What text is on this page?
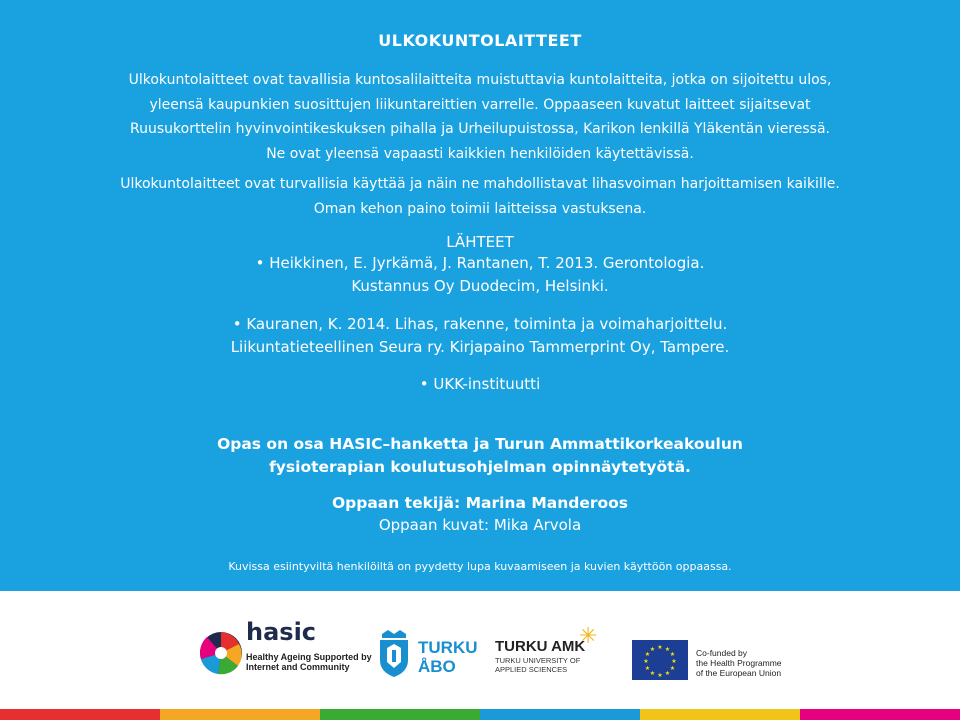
ULKOKUNTOLAITTEET
Ulkokuntolaitteet ovat tavallisia kuntosalilaitteita muistuttavia kuntolaitteita, jotka on sijoitettu ulos,
yleensä kaupunkien suosittujen liikuntareittien varrelle. Oppaaseen kuvatut laitteet sijaitsevat
Ruusukorttelin hyvinvointikeskuksen pihalla ja Urheilupuistossa, Karikon lenkillä Yläkentän vieressä.
Ne ovat yleensä vapaasti kaikkien henkilöiden käytettävissä.
Ulkokuntolaitteet ovat turvallisia käyttää ja näin ne mahdollistavat lihasvoiman harjoittamisen kaikille.
Oman kehon paino toimii laitteissa vastuksena.
LÄHTEET
• Heikkinen, E. Jyrkämä, J. Rantanen, T. 2013. Gerontologia.
Kustannus Oy Duodecim, Helsinki.
• Kauranen, K. 2014. Lihas, rakenne, toiminta ja voimaharjoittelu.
Liikuntatieteellinen Seura ry. Kirjapaino Tammerprint Oy, Tampere.
• UKK-instituutti
Opas on osa HASIC–hanketta ja Turun Ammattikorkeakoulun
fysioterapian koulutusohjelman opinnäytetyötä.
Oppaan tekijä: Marina Manderoos
Oppaan kuvat: Mika Arvola
Kuvissa esiintyviltä henkilöiltä on pyydetty lupa kuvaamiseen ja kuvien käyttöön oppaassa.
hasic
Healthy Ageing Supported by
Internet and Community
TURKU
ÅBO
✳
TURKU AMK
TURKU UNIVERSITY OF
APPLIED SCIENCES
★ ★
★
★
★
★
★
★
★
★
★
★	Co-funded by
the Health Programme
of the European Union
